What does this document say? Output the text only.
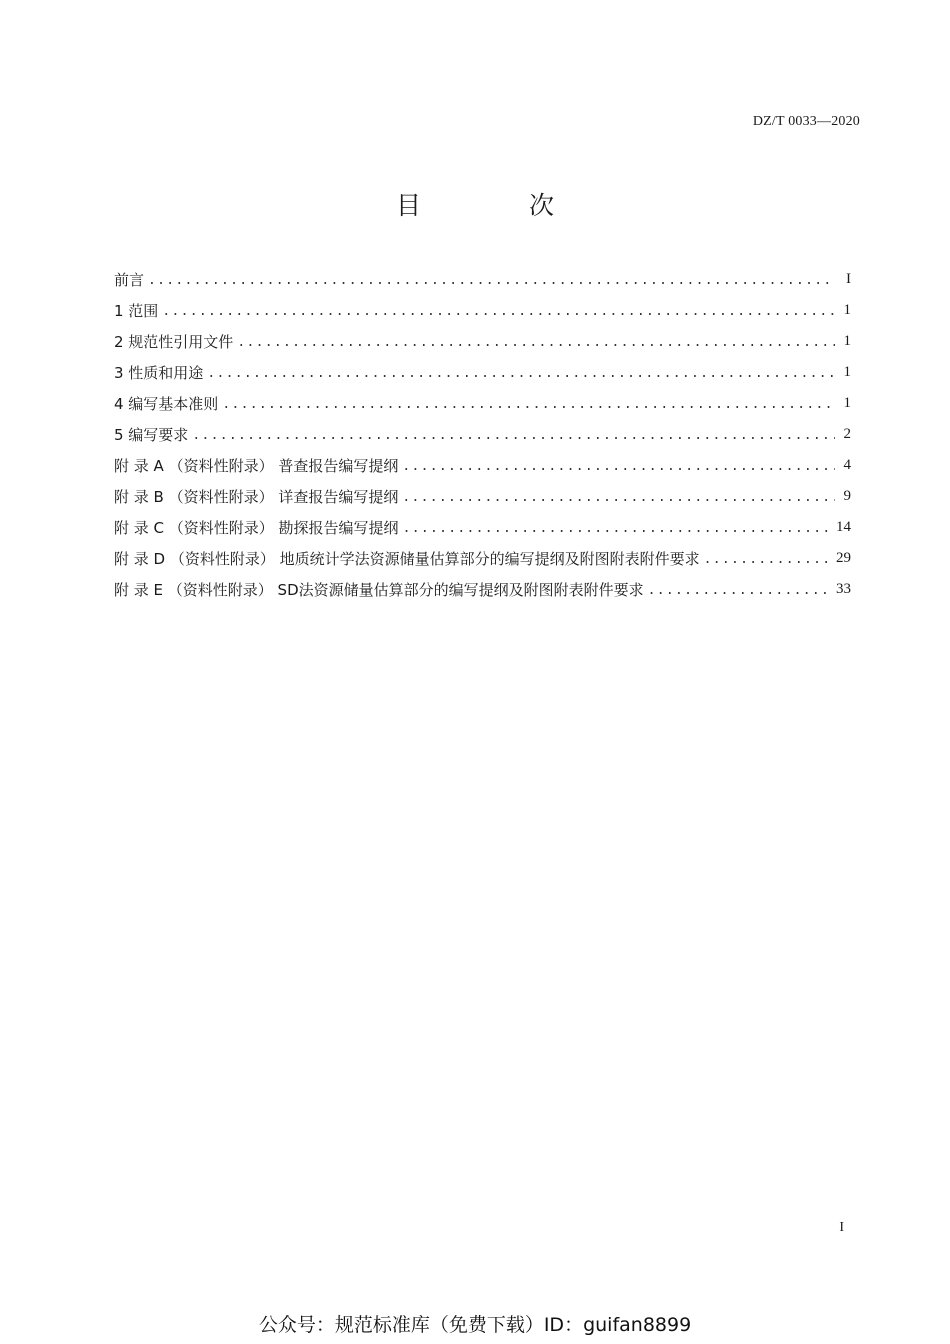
DZ/T 0033—2020
目 次
前言 .....	I
1 范围 .....	1
2 规范性引用文件 .....	1
3 性质和用途 .....	1
4 编写基本准则 .....	1
5 编写要求 .....	2
附 录 A （资料性附录） 普查报告编写提纲 .....	4
附 录 B （资料性附录） 详查报告编写提纲 .....	9
附 录 C （资料性附录） 勘探报告编写提纲 .....	14
附 录 D （资料性附录） 地质统计学法资源储量估算部分的编写提纲及附图附表附件要求 .....	29
附 录 E （资料性附录） SD法资源储量估算部分的编写提纲及附图附表附件要求 .....	33
I
公众号：规范标准库（免费下载）ID：guifan8899
